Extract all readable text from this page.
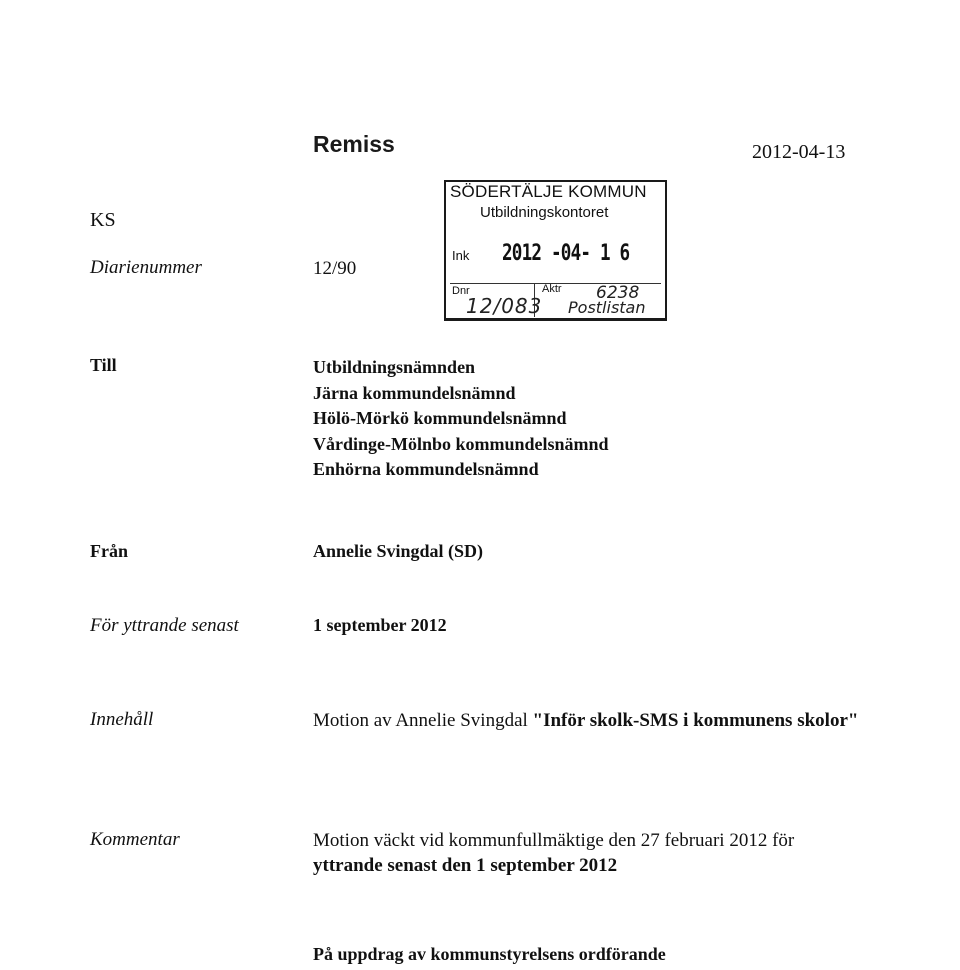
Remiss	2012-04-13
KS
Diarienummer	12/90
SÖDERTÄLJE KOMMUN
Utbildningskontoret
Ink 2012 -04- 1 6
Dnr	Aktr
12/083
6238
Postlistan
Till	Utbildningsnämnden
Järna kommundelsnämnd
Hölö-Mörkö kommundelsnämnd
Vårdinge-Mölnbo kommundelsnämnd
Enhörna kommundelsnämnd
Från	Annelie Svingdal (SD)
För yttrande senast	1 september 2012
Innehåll	Motion av Annelie Svingdal "Inför skolk-SMS i kommunens skolor"
Kommentar	Motion väckt vid kommunfullmäktige den 27 februari 2012 för
yttrande senast den 1 september 2012
På uppdrag av kommunstyrelsens ordförande
